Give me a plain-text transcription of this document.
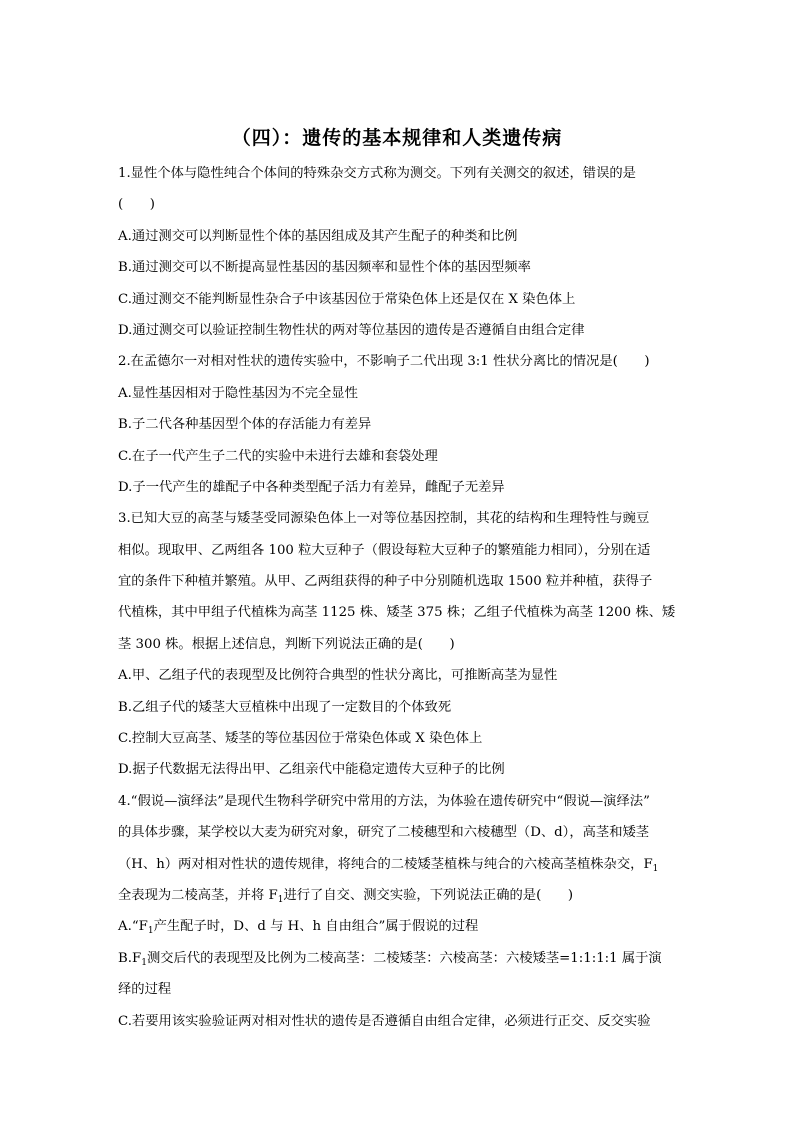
（四）：遗传的基本规律和人类遗传病
1.显性个体与隐性纯合个体间的特殊杂交方式称为测交。下列有关测交的叙述，错误的是
(　　)
A.通过测交可以判断显性个体的基因组成及其产生配子的种类和比例
B.通过测交可以不断提高显性基因的基因频率和显性个体的基因型频率
C.通过测交不能判断显性杂合子中该基因位于常染色体上还是仅在 X 染色体上
D.通过测交可以验证控制生物性状的两对等位基因的遗传是否遵循自由组合定律
2.在孟德尔一对相对性状的遗传实验中，不影响子二代出现 3:1 性状分离比的情况是(　　)
A.显性基因相对于隐性基因为不完全显性
B.子二代各种基因型个体的存活能力有差异
C.在子一代产生子二代的实验中未进行去雄和套袋处理
D.子一代产生的雄配子中各种类型配子活力有差异，雌配子无差异
3.已知大豆的高茎与矮茎受同源染色体上一对等位基因控制，其花的结构和生理特性与豌豆
相似。现取甲、乙两组各 100 粒大豆种子（假设每粒大豆种子的繁殖能力相同），分别在适
宜的条件下种植并繁殖。从甲、乙两组获得的种子中分别随机选取 1500 粒并种植，获得子
代植株，其中甲组子代植株为高茎 1125 株、矮茎 375 株；乙组子代植株为高茎 1200 株、矮
茎 300 株。根据上述信息，判断下列说法正确的是(　　)
A.甲、乙组子代的表现型及比例符合典型的性状分离比，可推断高茎为显性
B.乙组子代的矮茎大豆植株中出现了一定数目的个体致死
C.控制大豆高茎、矮茎的等位基因位于常染色体或 X 染色体上
D.据子代数据无法得出甲、乙组亲代中能稳定遗传大豆种子的比例
4.“假说—演绎法”是现代生物科学研究中常用的方法，为体验在遗传研究中“假说—演绎法”
的具体步骤，某学校以大麦为研究对象，研究了二棱穗型和六棱穗型（D、d），高茎和矮茎
（H、h）两对相对性状的遗传规律，将纯合的二棱矮茎植株与纯合的六棱高茎植株杂交，$F_1$
全表现为二棱高茎，并将 $F_1$进行了自交、测交实验，下列说法正确的是(　　)
$A.“F_1$产生配子时，D、d 与 H、h 自由组合”属于假说的过程
$B.F_1$测交后代的表现型及比例为二棱高茎：二棱矮茎：六棱高茎：六棱矮茎=1:1:1:1 属于演
绎的过程
C.若要用该实验验证两对相对性状的遗传是否遵循自由组合定律，必须进行正交、反交实验
